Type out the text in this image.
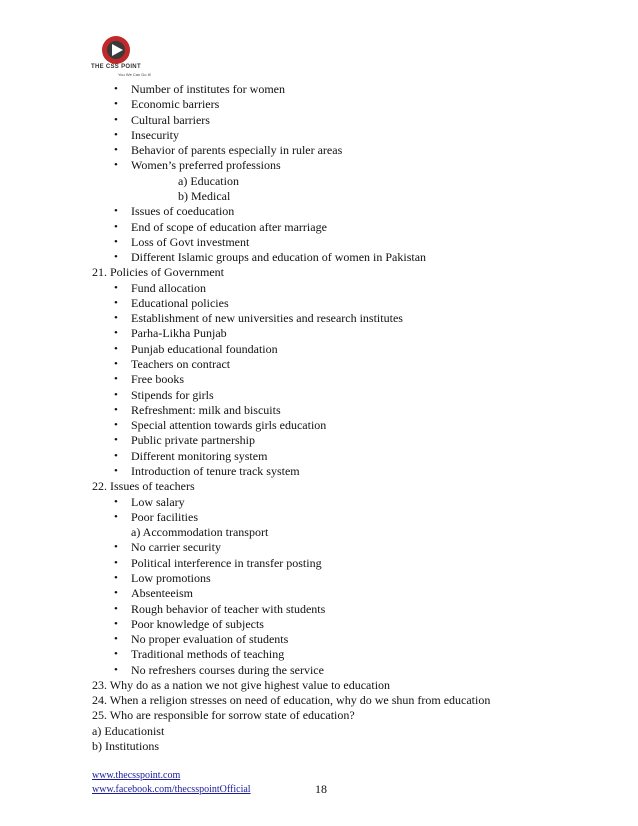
THE CSS POINT
You We Can Do It!
• Number of institutes for women
• Economic barriers
• Cultural barriers
• Insecurity
• Behavior of parents especially in ruler areas
• Women’s preferred professions
a) Education
b) Medical
• Issues of coeducation
• End of scope of education after marriage
• Loss of Govt investment
• Different Islamic groups and education of women in Pakistan
21. Policies of Government
• Fund allocation
• Educational policies
• Establishment of new universities and research institutes
• Parha-Likha Punjab
• Punjab educational foundation
• Teachers on contract
• Free books
• Stipends for girls
• Refreshment: milk and biscuits
• Special attention towards girls education
• Public private partnership
• Different monitoring system
• Introduction of tenure track system
22. Issues of teachers
• Low salary
• Poor facilities
a) Accommodation transport
• No carrier security
• Political interference in transfer posting
• Low promotions
• Absenteeism
• Rough behavior of teacher with students
• Poor knowledge of subjects
• No proper evaluation of students
• Traditional methods of teaching
• No refreshers courses during the service
23. Why do as a nation we not give highest value to education
24. When a religion stresses on need of education, why do we shun from education
25. Who are responsible for sorrow state of education?
a) Educationist
b) Institutions
www.thecsspoint.com
www.facebook.com/thecsspointOfficial	18
